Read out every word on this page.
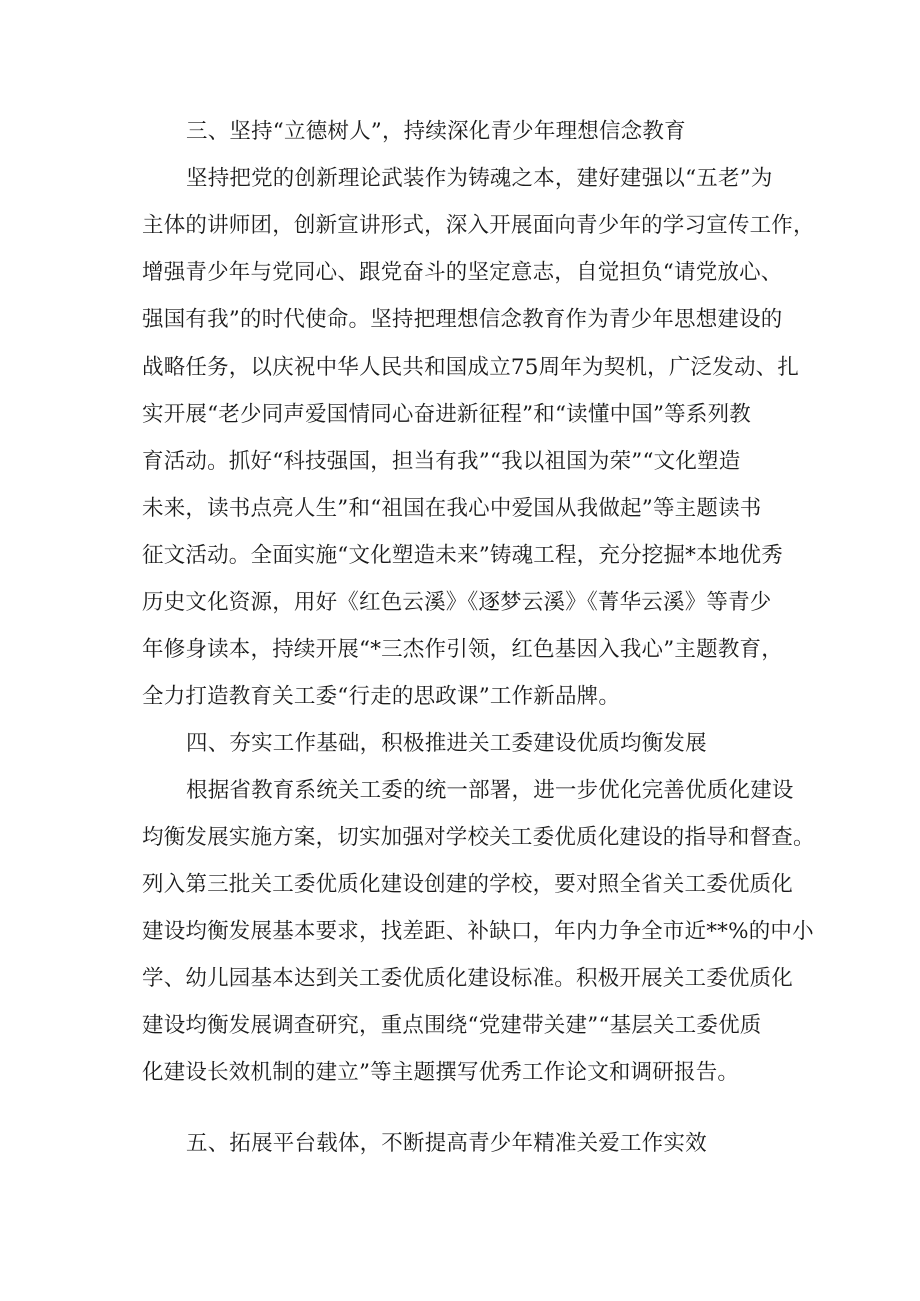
三、坚持“立德树人”，持续深化青少年理想信念教育
坚持把党的创新理论武装作为铸魂之本，建好建强以“五老”为
主体的讲师团，创新宣讲形式，深入开展面向青少年的学习宣传工作，
增强青少年与党同心、跟党奋斗的坚定意志，自觉担负“请党放心、
强国有我”的时代使命。坚持把理想信念教育作为青少年思想建设的
战略任务，以庆祝中华人民共和国成立75周年为契机，广泛发动、扎
实开展“老少同声爱国情同心奋进新征程”和“读懂中国”等系列教
育活动。抓好“科技强国，担当有我”“我以祖国为荣”“文化塑造
未来，读书点亮人生”和“祖国在我心中爱国从我做起”等主题读书
征文活动。全面实施“文化塑造未来”铸魂工程，充分挖掘*本地优秀
历史文化资源，用好《红色云溪》《逐梦云溪》《菁华云溪》等青少
年修身读本，持续开展“*三杰作引领，红色基因入我心”主题教育，
全力打造教育关工委“行走的思政课”工作新品牌。
四、夯实工作基础，积极推进关工委建设优质均衡发展
根据省教育系统关工委的统一部署，进一步优化完善优质化建设
均衡发展实施方案，切实加强对学校关工委优质化建设的指导和督查。
列入第三批关工委优质化建设创建的学校，要对照全省关工委优质化
建设均衡发展基本要求，找差距、补缺口，年内力争全市近**%的中小
学、幼儿园基本达到关工委优质化建设标准。积极开展关工委优质化
建设均衡发展调查研究，重点围绕“党建带关建”“基层关工委优质
化建设长效机制的建立”等主题撰写优秀工作论文和调研报告。
五、拓展平台载体，不断提高青少年精准关爱工作实效
